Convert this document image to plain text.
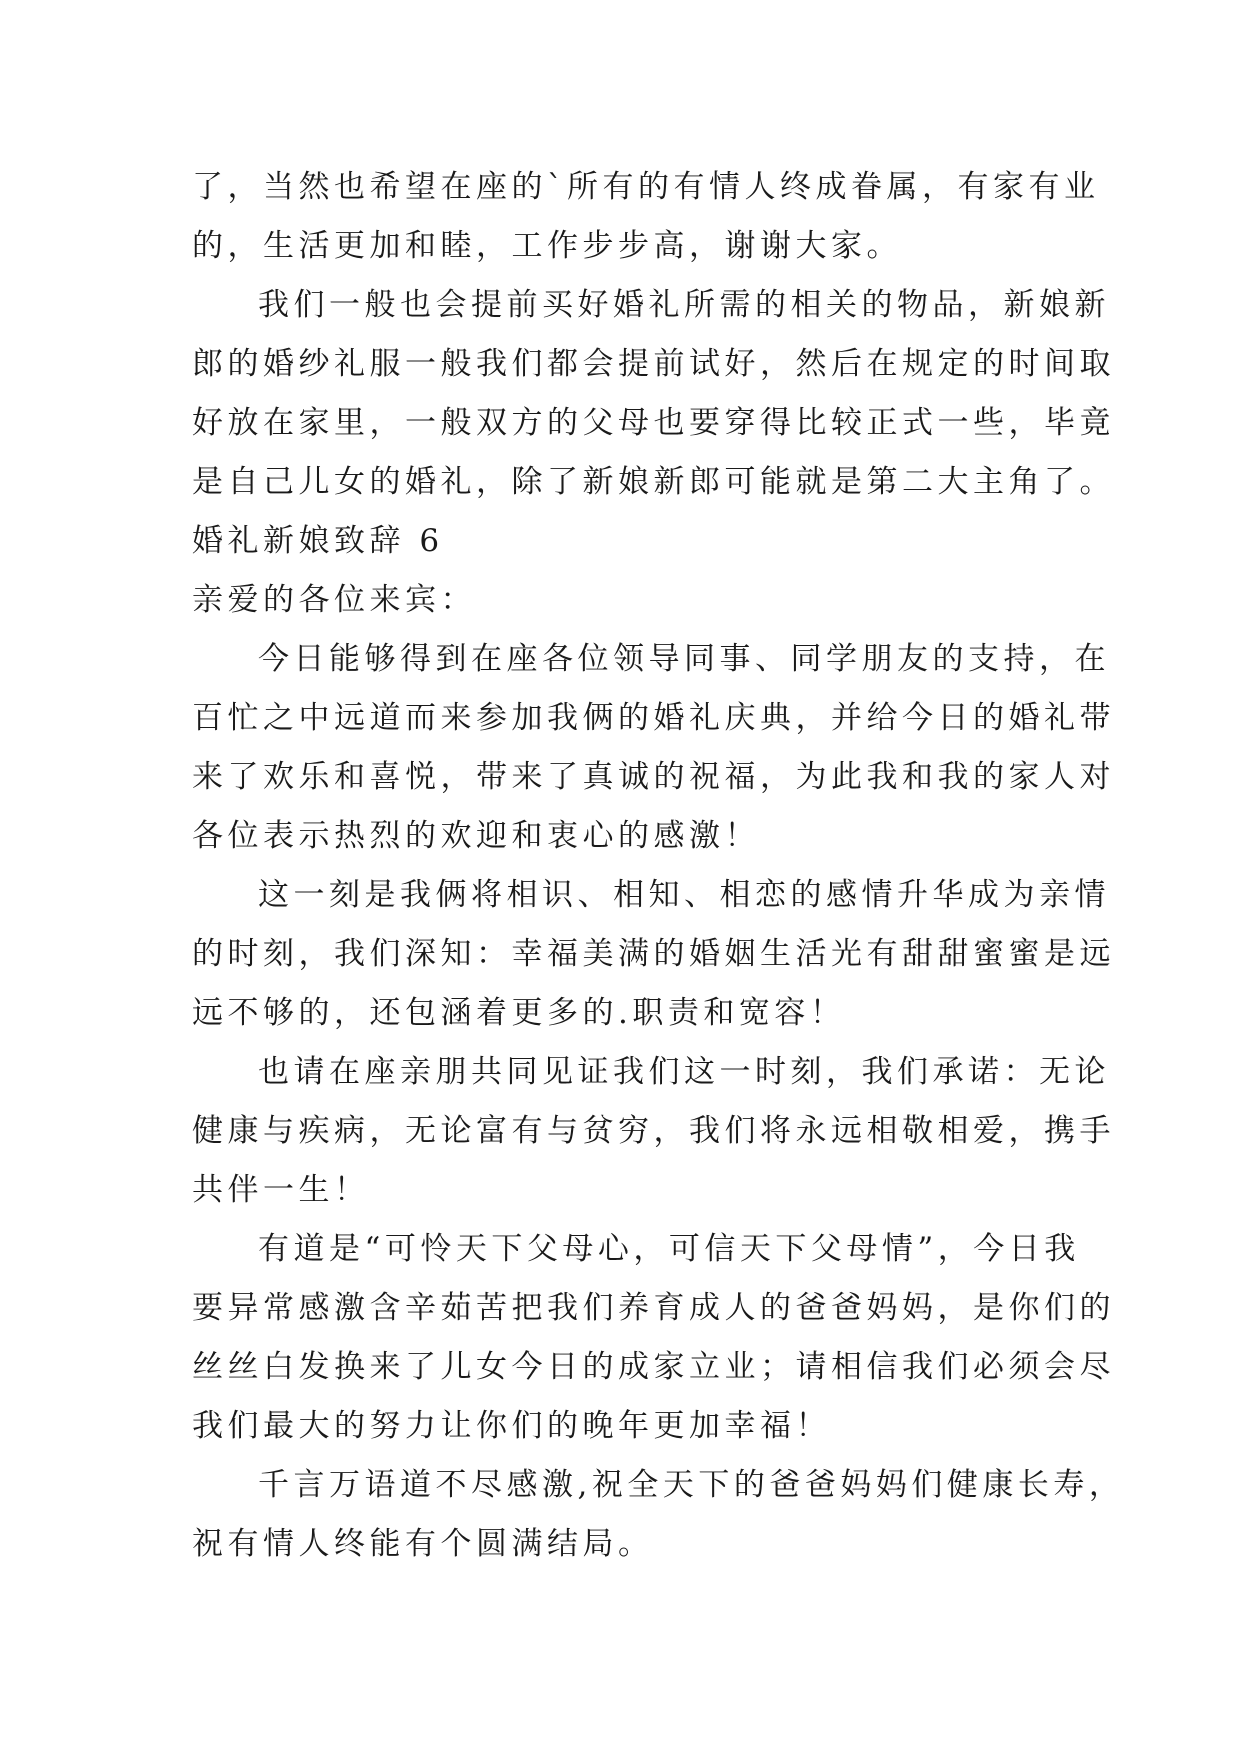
了，当然也希望在座的`所有的有情人终成眷属，有家有业

的，生活更加和睦，工作步步高，谢谢大家。

我们一般也会提前买好婚礼所需的相关的物品，新娘新

郎的婚纱礼服一般我们都会提前试好，然后在规定的时间取

好放在家里，一般双方的父母也要穿得比较正式一些，毕竟

是自己儿女的婚礼，除了新娘新郎可能就是第二大主角了。

婚礼新娘致辞 6

亲爱的各位来宾：

今日能够得到在座各位领导同事、同学朋友的支持，在

百忙之中远道而来参加我俩的婚礼庆典，并给今日的婚礼带

来了欢乐和喜悦，带来了真诚的祝福，为此我和我的家人对

各位表示热烈的欢迎和衷心的感激！

这一刻是我俩将相识、相知、相恋的感情升华成为亲情

的时刻，我们深知：幸福美满的婚姻生活光有甜甜蜜蜜是远

远不够的，还包涵着更多的.职责和宽容！

也请在座亲朋共同见证我们这一时刻，我们承诺：无论

健康与疾病，无论富有与贫穷，我们将永远相敬相爱，携手

共伴一生！

有道是“可怜天下父母心，可信天下父母情”，今日我

要异常感激含辛茹苦把我们养育成人的爸爸妈妈，是你们的

丝丝白发换来了儿女今日的成家立业；请相信我们必须会尽

我们最大的努力让你们的晚年更加幸福！

千言万语道不尽感激,祝全天下的爸爸妈妈们健康长寿，

祝有情人终能有个圆满结局。
